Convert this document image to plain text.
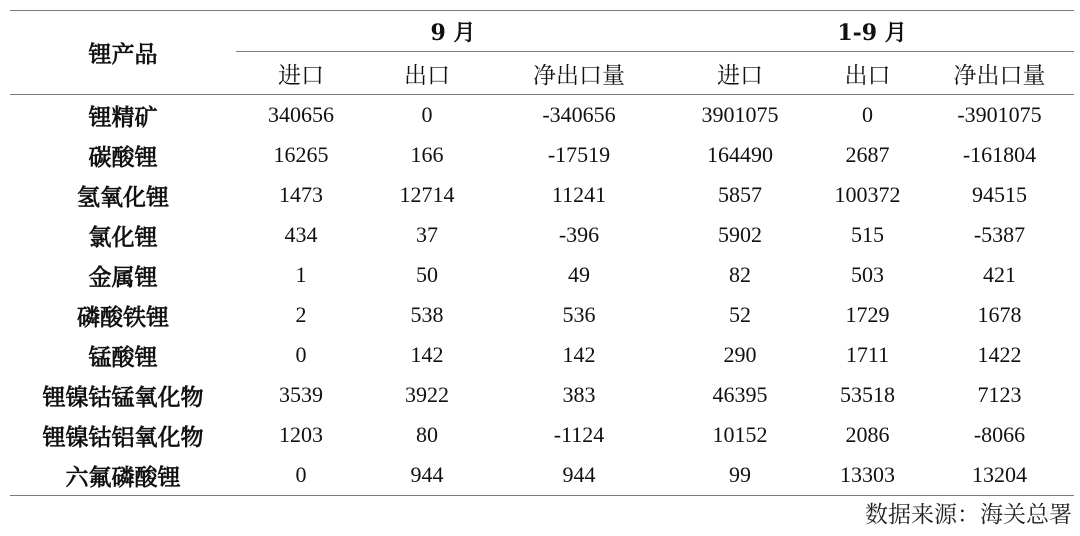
锂产品	9 月			1-9 月		
	进口	出口	净出口量	进口	出口	净出口量
锂精矿	340656	0	-340656	3901075	0	-3901075
碳酸锂	16265	166	-17519	164490	2687	-161804
氢氧化锂	1473	12714	11241	5857	100372	94515
氯化锂	434	37	-396	5902	515	-5387
金属锂	1	50	49	82	503	421
磷酸铁锂	2	538	536	52	1729	1678
锰酸锂	0	142	142	290	1711	1422
锂镍钴锰氧化物	3539	3922	383	46395	53518	7123
锂镍钴铝氧化物	1203	80	-1124	10152	2086	-8066
六氟磷酸锂	0	944	944	99	13303	13204
数据来源：海关总署
